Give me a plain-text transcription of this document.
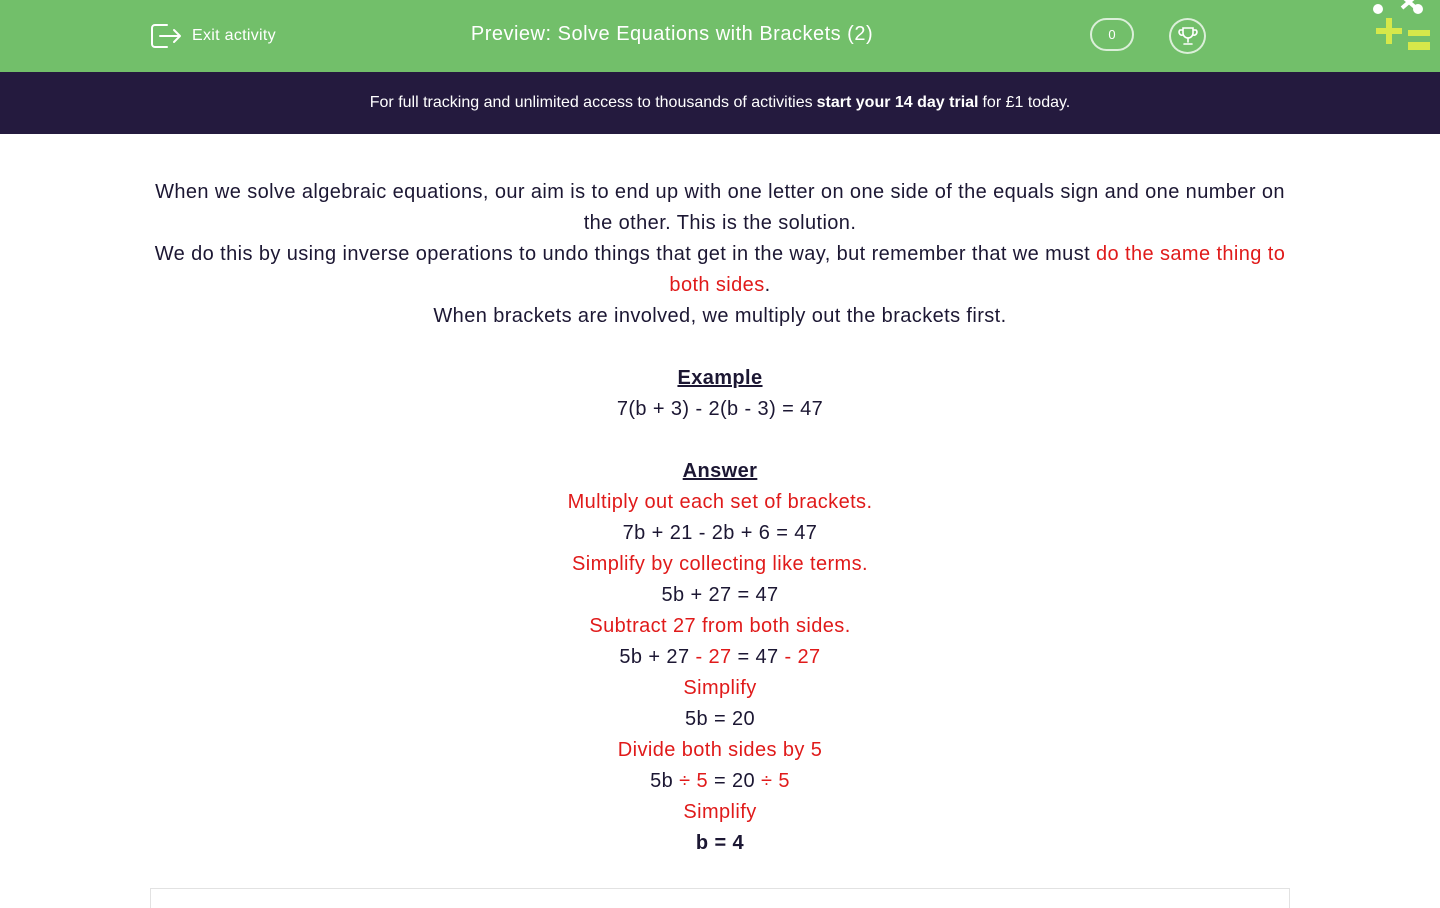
Exit activity	Preview: Solve Equations with Brackets (2)	0
For full tracking and unlimited access to thousands of activities start your 14 day trial for £1 today.

When we solve algebraic equations, our aim is to end up with one letter on one side of the equals sign and one number on the other. This is the solution.

We do this by using inverse operations to undo things that get in the way, but remember that we must do the same thing to both sides.

When brackets are involved, we multiply out the brackets first.

Example

7(b + 3) - 2(b - 3) = 47

Answer

Multiply out each set of brackets.

7b + 21 - 2b + 6 = 47

Simplify by collecting like terms.

5b + 27 = 47

Subtract 27 from both sides.

5b + 27 - 27 = 47 - 27

Simplify

5b = 20

Divide both sides by 5

5b ÷ 5 = 20 ÷ 5

Simplify

b = 4
